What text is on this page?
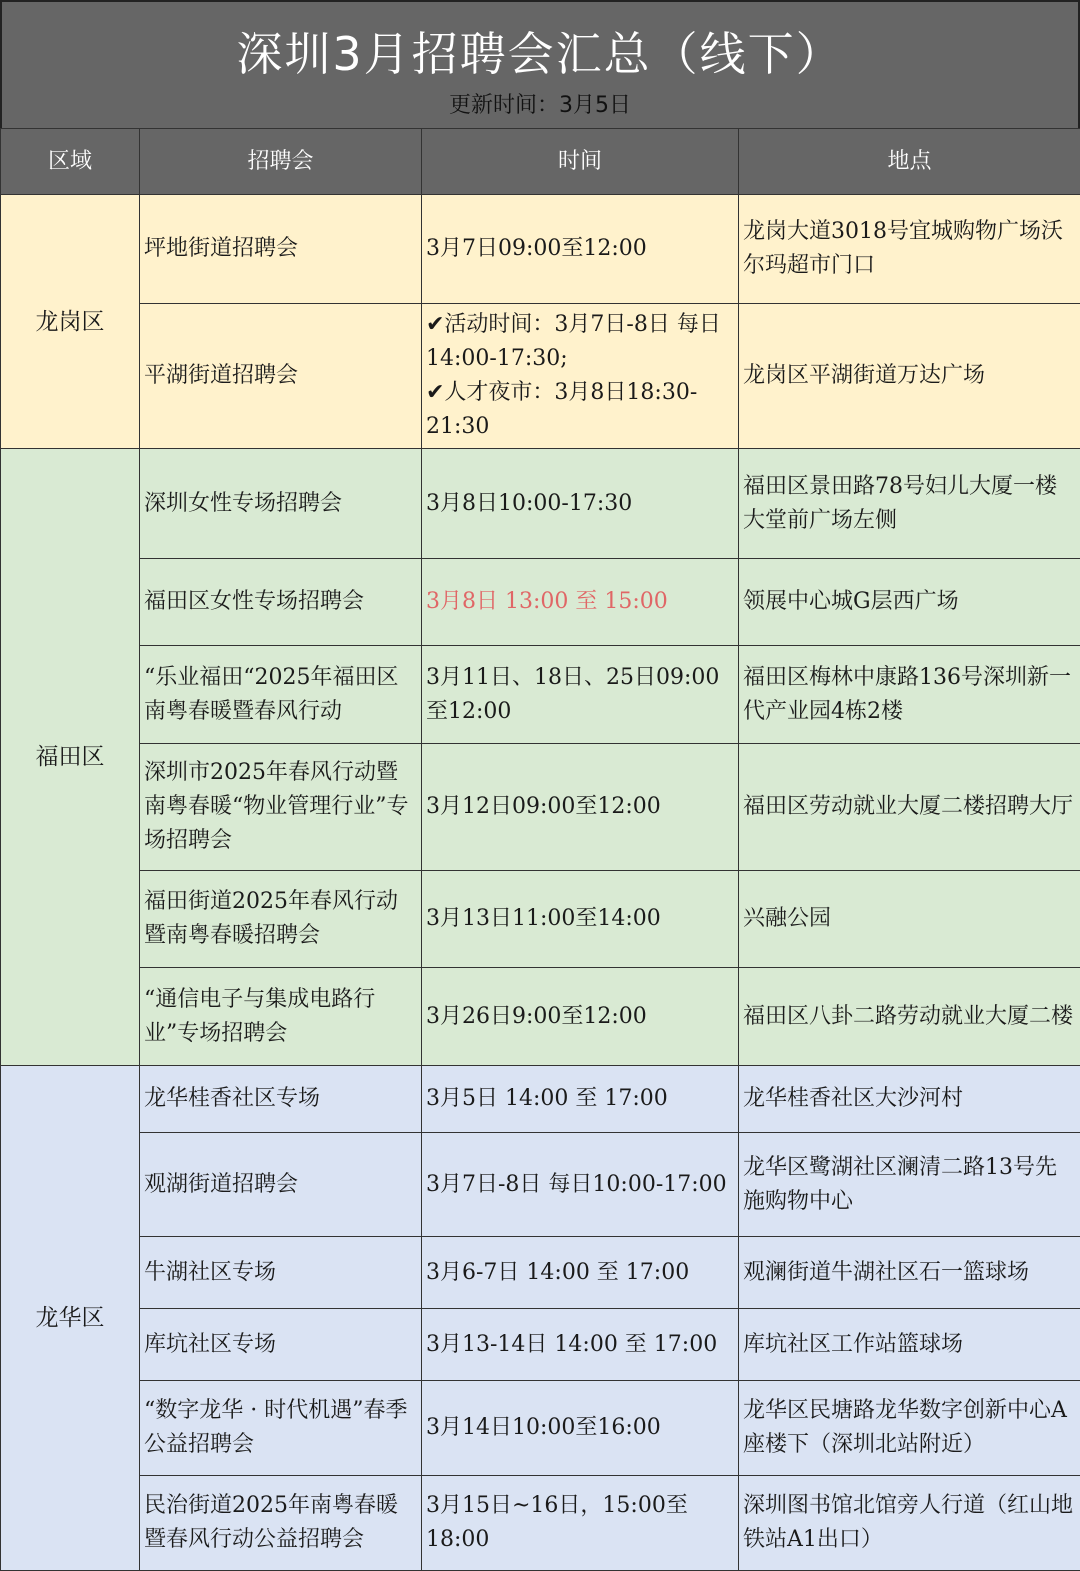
深圳3月招聘会汇总（线下）
更新时间：3月5日
区域	招聘会	时间	地点
龙岗区	坪地街道招聘会	3月7日09:00至12:00	龙岗大道3018号宜城购物广场沃尔玛超市门口
	平湖街道招聘会	✔活动时间：3月7日-8日 每日14:00-17:30;
✔人才夜市：3月8日18:30-21:30	龙岗区平湖街道万达广场
福田区	深圳女性专场招聘会	3月8日10:00-17:30	福田区景田路78号妇儿大厦一楼大堂前广场左侧
	福田区女性专场招聘会	3月8日 13:00 至 15:00	领展中心城G层西广场
	“乐业福田“2025年福田区南粤春暖暨春风行动	3月11日、18日、25日09:00至12:00	福田区梅林中康路136号深圳新一代产业园4栋2楼
	深圳市2025年春风行动暨南粤春暖“物业管理行业”专场招聘会	3月12日09:00至12:00	福田区劳动就业大厦二楼招聘大厅
	福田街道2025年春风行动暨南粤春暖招聘会	3月13日11:00至14:00	兴融公园
	“通信电子与集成电路行业”专场招聘会	3月26日9:00至12:00	福田区八卦二路劳动就业大厦二楼
龙华区	龙华桂香社区专场	3月5日 14:00 至 17:00	龙华桂香社区大沙河村
	观湖街道招聘会	3月7日-8日 每日10:00-17:00	龙华区鹭湖社区澜清二路13号先施购物中心
	牛湖社区专场	3月6-7日 14:00 至 17:00	观澜街道牛湖社区石一篮球场
	库坑社区专场	3月13-14日 14:00 至 17:00	库坑社区工作站篮球场
	“数字龙华 · 时代机遇”春季公益招聘会	3月14日10:00至16:00	龙华区民塘路龙华数字创新中心A座楼下（深圳北站附近）
	民治街道2025年南粤春暖暨春风行动公益招聘会	3月15日~16日，15:00至18:00	深圳图书馆北馆旁人行道（红山地铁站A1出口）
